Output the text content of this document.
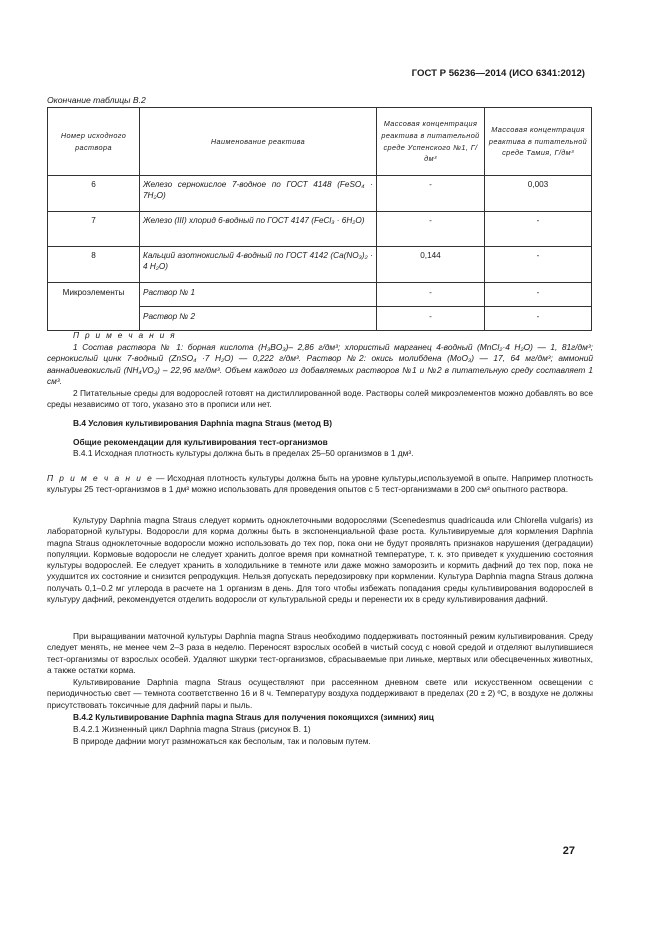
ГОСТ Р 56236—2014 (ИСО 6341:2012)
Окончание таблицы В.2
Номер исходного раствора	Наименование реактива	Массовая концентрация реактива в питательной среде Успенского №1, Г/дм³	Массовая концентрация реактива в питательной среде Тамия, Г/дм³
6	Железо сернокислое 7-водное по ГОСТ 4148 (FeSO₄ · 7H₂O)	-	0,003
7	Железо (III) хлорид 6-водный по ГОСТ 4147 (FeCl₃ · 6H₂O)	-	-
8	Кальций азотнокислый 4-водный по ГОСТ 4142 (Ca(NO₃)₂ · 4 H₂O)	0,144	-
Микроэлементы	Раствор № 1	-	-
	Раствор № 2	-	-

П р и м е ч а н и я

1 Состав раствора № 1: борная кислота (H₃BO₃)– 2,86 г/дм³; хлористый марганец 4-водный (MnCl₂·4 H₂O) — 1, 81г/дм³; сернокислый цинк 7-водный (ZnSO₄ ·7 H₂O) — 0,222 г/дм³. Раствор №2: окись молибдена (MoO₃) — 17, 64 мг/дм³; аммоний ваннадиевокислый (NH₄VO₃) – 22,96 мг/дм³. Объем каждого из добавляемых растворов №1 и №2 в питательную среду составляет 1 см³.

2 Питательные среды для водорослей готовят на дистиллированной воде. Растворы солей микроэлементов можно добавлять во все среды независимо от того, указано это в прописи или нет.

В.4 Условия культивирования Daphnia magna Straus (метод В)

Общие рекомендации для культивирования тест-организмов

В.4.1 Исходная плотность культуры должна быть в пределах 25–50 организмов в 1 дм³.

П р и м е ч а н и е — Исходная плотность культуры должна быть на уровне культуры,используемой в опыте. Например плотность культуры 25 тест-организмов в 1 дм³ можно использовать для проведения опытов с 5 тест-организмами в 200 см³ опытного раствора.

Культуру Daphnia magna Straus следует кормить одноклеточными водорослями (Scenedesmus quadricauda или Chlorella vulgaris) из лабораторной культуры. Водоросли для корма должны быть в экспоненциальной фазе роста. Культивируемые для кормления Daphnia magna Straus одноклеточные водоросли можно использовать до тех пор, пока они не будут проявлять признаков нарушения (деградации) популяции. Кормовые водоросли не следует хранить долгое время при комнатной температуре, т. к. это приведет к ухудшению состояния культуры водорослей. Ее следует хранить в холодильнике в темноте или даже можно заморозить и кормить дафний до тех пор, пока не ухудшится их состояние и снизится репродукция. Нельзя допускать передозировку при кормлении. Культура Daphnia magna Straus должна получать 0,1–0.2 мг углерода в расчете на 1 организм в день. Для того чтобы избежать попадания среды культивирования водорослей в культуру дафний, рекомендуется отделить водоросли от культуральной среды и перенести их в среду культивирования дафний.

При выращивании маточной культуры Daphnia magna Straus необходимо поддерживать постоянный режим культивирования. Среду следует менять, не менее чем 2–3 раза в неделю. Переносят взрослых особей в чистый сосуд с новой средой и отделяют вылупившиеся тест-организмы от взрослых особей. Удаляют шкурки тест-организмов, сбрасываемые при линьке, мертвых или обесцвеченных животных, а также остатки корма.

Культивирование Daphnia magna Straus осуществляют при рассеянном дневном свете или искусственном освещении с периодичностью свет — темнота соответственно 16 и 8 ч. Температуру воздуха поддерживают в пределах (20 ± 2) ºС, в воздухе не должны присутствовать токсичные для дафний пары и пыль.

В.4.2 Культивирование Daphnia magna Straus для получения покоящихся (зимних) яиц

В.4.2.1 Жизненный цикл Daphnia magna Straus (рисунок В. 1)

В природе дафнии могут размножаться как бесполым, так и половым путем.

27
